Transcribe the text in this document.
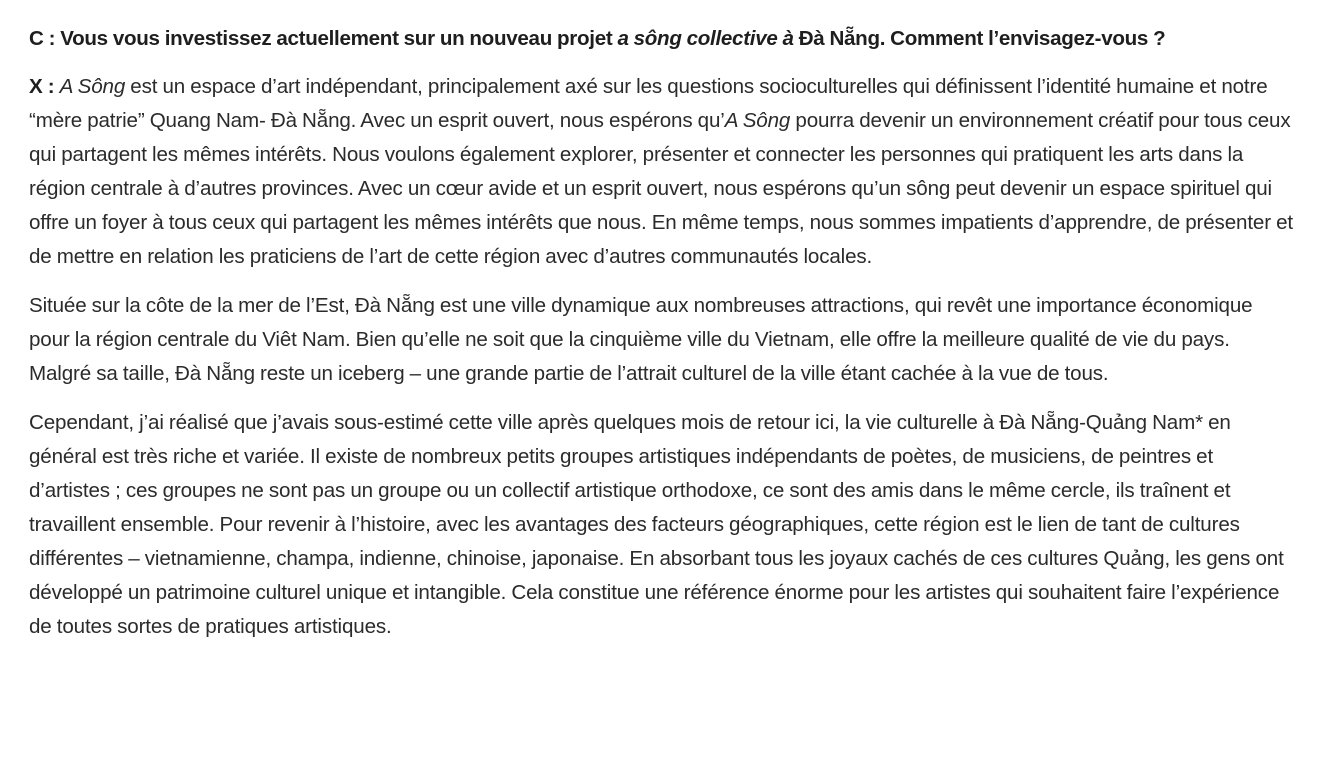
C : Vous vous investissez actuellement sur un nouveau projet a sông collective à Đà Nẵng. Comment l’envisagez-vous ?

X : A Sông est un espace d’art indépendant, principalement axé sur les questions socioculturelles qui définissent l’identité humaine et notre “mère patrie” Quang Nam- Đà Nẵng. Avec un esprit ouvert, nous espérons qu’A Sông pourra devenir un environnement créatif pour tous ceux qui partagent les mêmes intérêts. Nous voulons également explorer, présenter et connecter les personnes qui pratiquent les arts dans la région centrale à d’autres provinces. Avec un cœur avide et un esprit ouvert, nous espérons qu’un sông peut devenir un espace spirituel qui offre un foyer à tous ceux qui partagent les mêmes intérêts que nous. En même temps, nous sommes impatients d’apprendre, de présenter et de mettre en relation les praticiens de l’art de cette région avec d’autres communautés locales.

Située sur la côte de la mer de l’Est, Đà Nẵng est une ville dynamique aux nombreuses attractions, qui revêt une importance économique pour la région centrale du Viêt Nam. Bien qu’elle ne soit que la cinquième ville du Vietnam, elle offre la meilleure qualité de vie du pays. Malgré sa taille, Đà Nẵng reste un iceberg – une grande partie de l’attrait culturel de la ville étant cachée à la vue de tous.

Cependant, j’ai réalisé que j’avais sous-estimé cette ville après quelques mois de retour ici, la vie culturelle à Đà Nẵng-Quảng Nam* en général est très riche et variée. Il existe de nombreux petits groupes artistiques indépendants de poètes, de musiciens, de peintres et d’artistes ; ces groupes ne sont pas un groupe ou un collectif artistique orthodoxe, ce sont des amis dans le même cercle, ils traînent et travaillent ensemble. Pour revenir à l’histoire, avec les avantages des facteurs géographiques, cette région est le lien de tant de cultures différentes – vietnamienne, champa, indienne, chinoise, japonaise. En absorbant tous les joyaux cachés de ces cultures Quảng, les gens ont développé un patrimoine culturel unique et intangible. Cela constitue une référence énorme pour les artistes qui souhaitent faire l’expérience de toutes sortes de pratiques artistiques.
